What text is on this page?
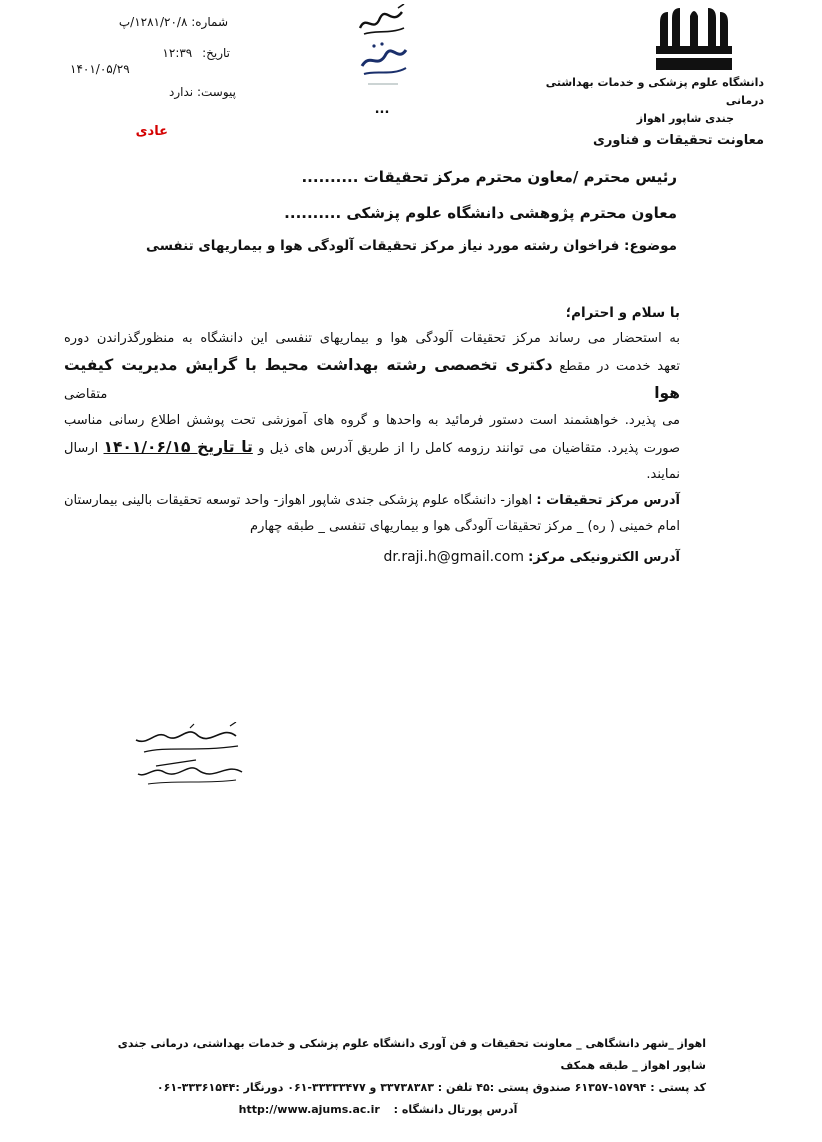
دانشگاه علوم پزشکی و خدمات بهداشتی درمانی
جندی شاپور اهواز
معاونت تحقیقات و فناوری
...
شماره: ۱۲۸۱/۲۰/۸/پ
تاریخ: ۱۲:۳۹
۱۴۰۱/۰۵/۲۹
پیوست: ندارد
عادی
رئیس محترم /معاون محترم مرکز تحقیقات ..........
معاون محترم پژوهشی دانشگاه علوم پزشکی ..........
موضوع: فراخوان رشته مورد نیاز مرکز تحقیقات آلودگی هوا و بیماریهای تنفسی

با سلام و احترام؛

به استحضار می رساند مرکز تحقیقات آلودگی هوا و بیماریهای تنفسی این دانشگاه به منظورگذراندن دوره

تعهد خدمت در مقطع دکتری تخصصی رشته بهداشت محیط با گرایش مدیریت کیفیت هوا متقاضی

می پذیرد. خواهشمند است دستور فرمائید به واحدها و گروه های آموزشی تحت پوشش اطلاع رسانی مناسب

صورت پذیرد. متقاضیان می توانند رزومه کامل را از طریق آدرس های ذیل و تا تاریخ ۱۴۰۱/۰۶/۱۵ ارسال

نمایند.

آدرس مرکز تحقیقات : اهواز- دانشگاه علوم پزشکی جندی شاپور اهواز- واحد توسعه تحقیقات بالینی بیمارستان

امام خمینی ( ره) _ مرکز تحقیقات آلودگی هوا و بیماریهای تنفسی _ طبقه چهارم

آدرس الکترونیکی مرکز: dr.raji.h@gmail.com

اهواز _شهر دانشگاهی _ معاونت تحقیقات و فن آوری دانشگاه علوم پزشکی و خدمات بهداشتی، درمانی جندی شاپور اهواز _ طبقه همکف

کد پستی : ۱۵۷۹۴-۶۱۳۵۷ صندوق پستی :۴۵ تلفن : ۳۳۷۳۸۳۸۳ و ۳۳۳۳۳۴۷۷-۰۶۱ دورنگار :۳۳۳۶۱۵۴۴-۰۶۱

آدرس پورتال دانشگاه : http://www.ajums.ac.ir
